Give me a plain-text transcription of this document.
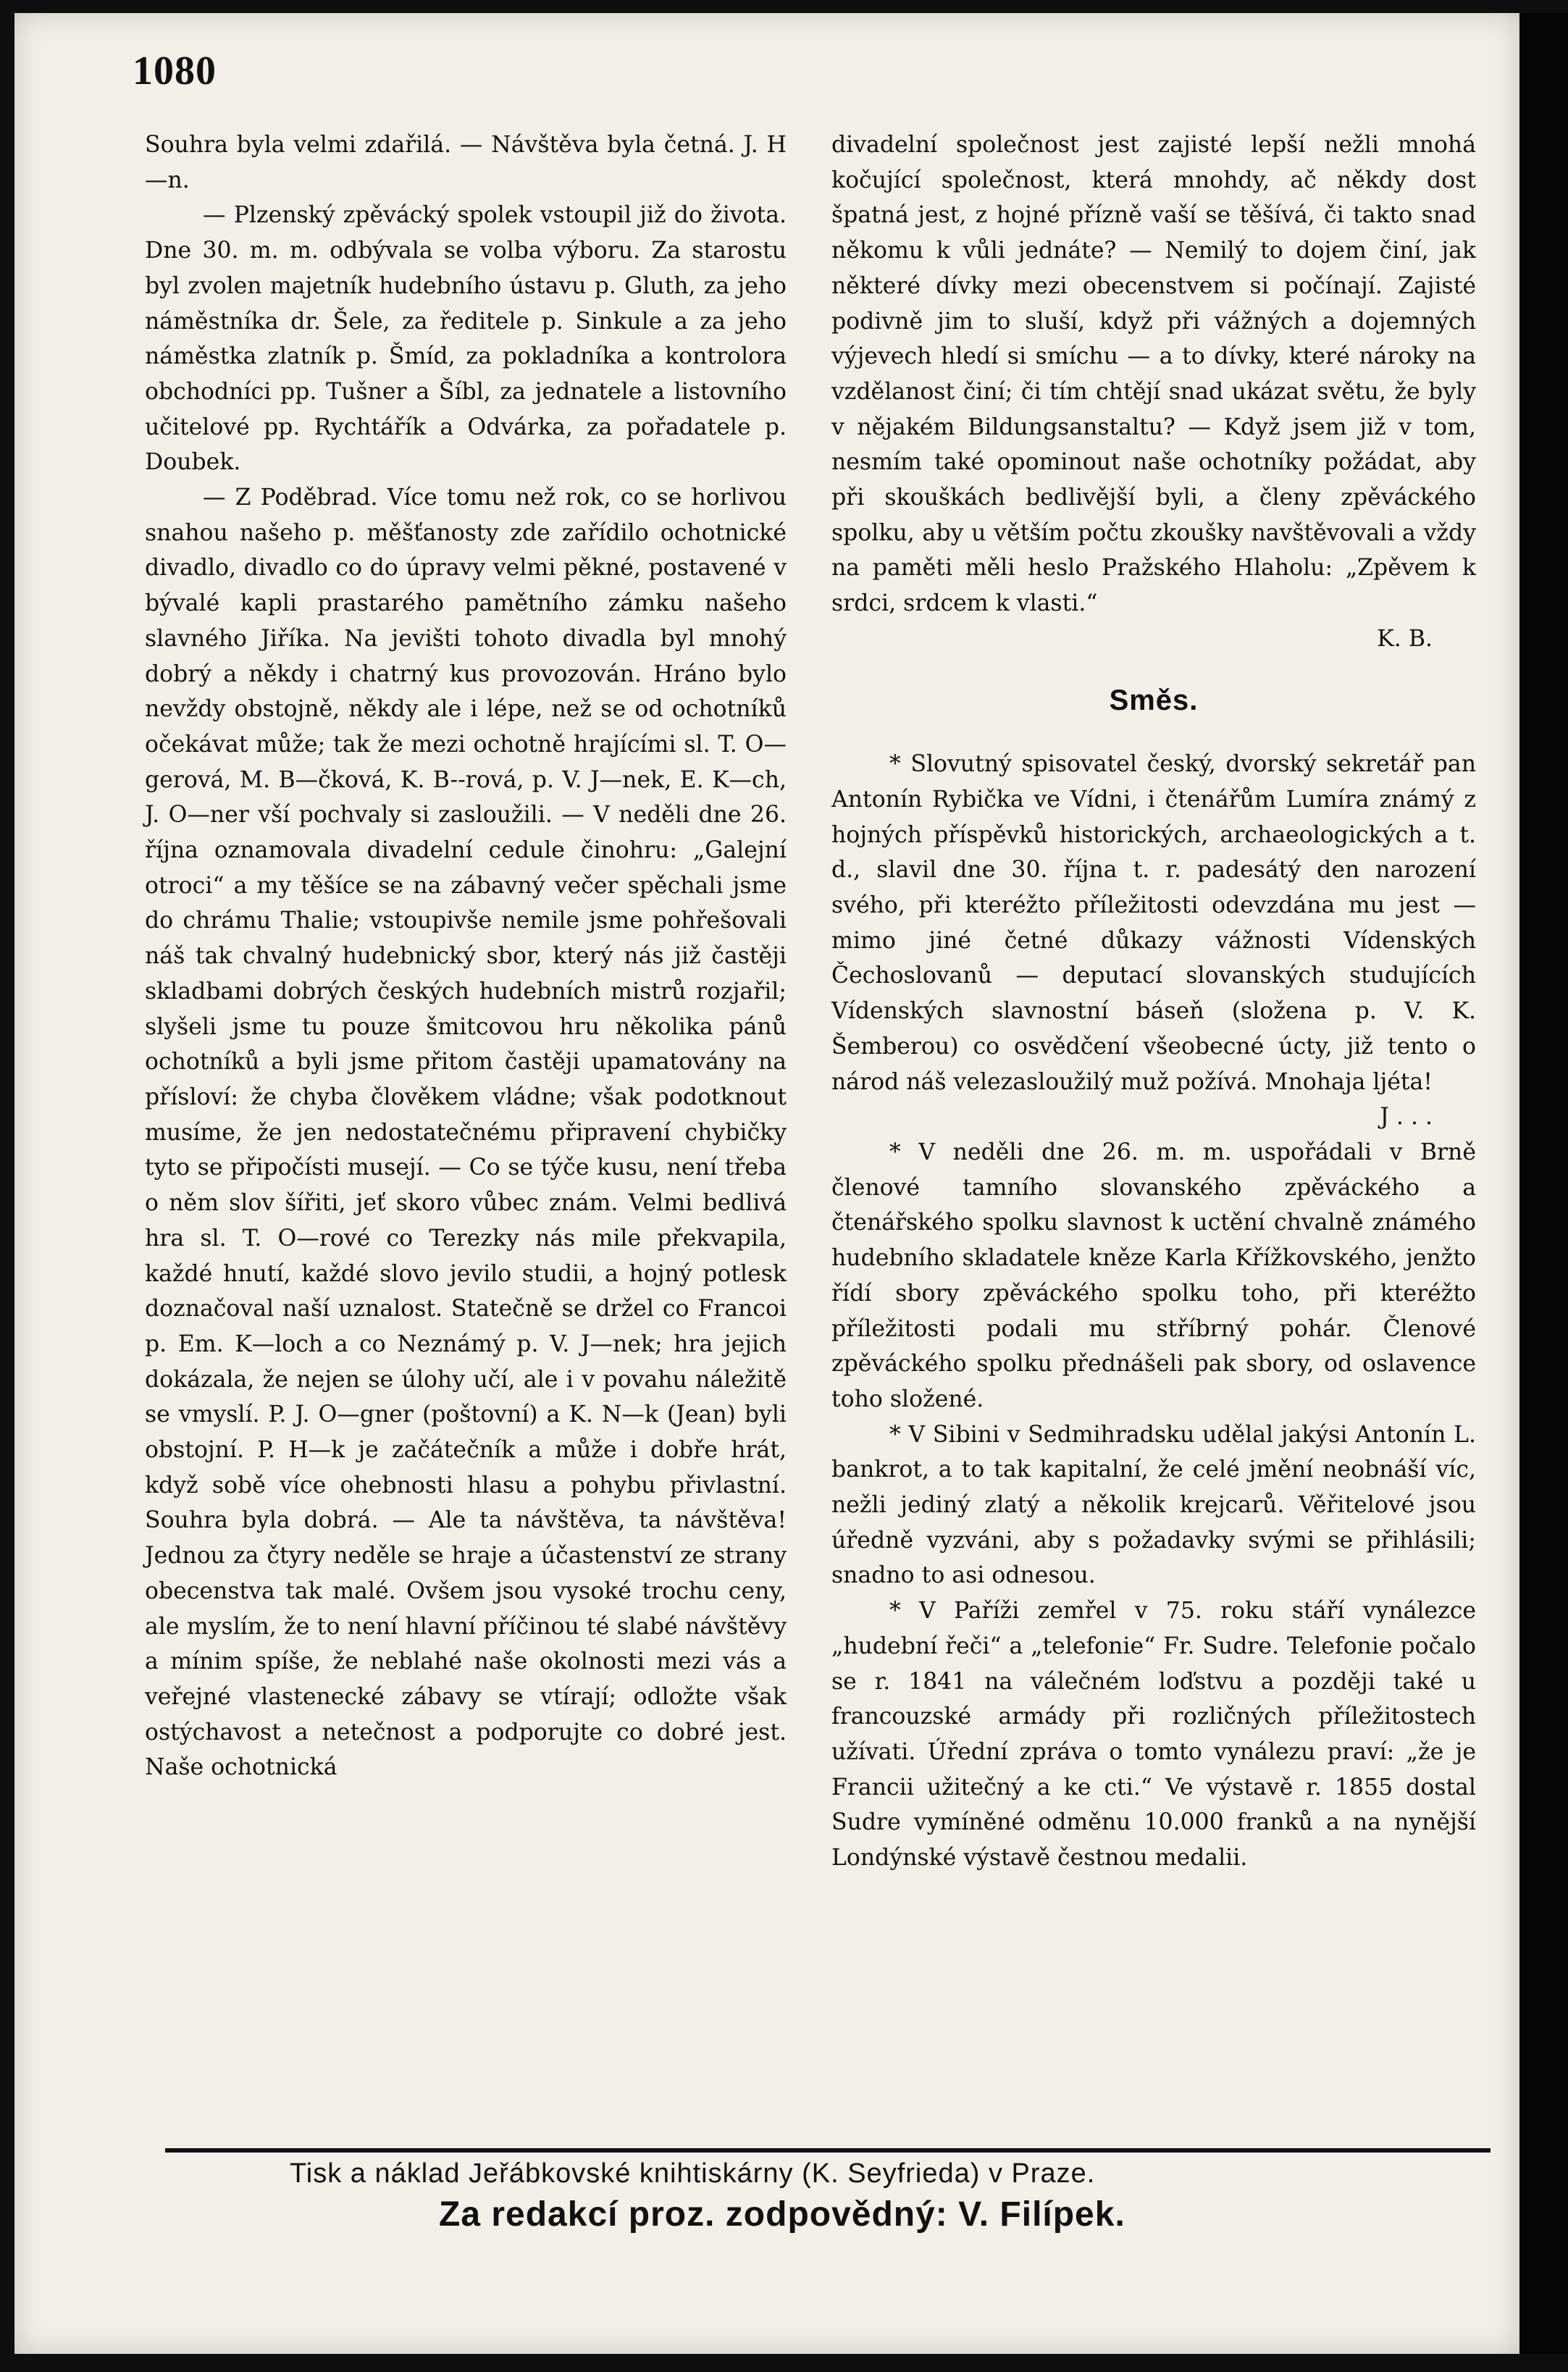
1080

Souhra byla velmi zdařilá. — Návštěva byla četná. J. H—n.

— Plzenský zpěvácký spolek vstoupil již do života. Dne 30. m. m. odbývala se volba výboru. Za starostu byl zvolen majetník hudebního ústavu p. Gluth, za jeho náměstníka dr. Šele, za ředitele p. Sinkule a za jeho náměstka zlatník p. Šmíd, za pokladníka a kontrolora obchodníci pp. Tušner a Šíbl, za jednatele a listovního učitelové pp. Rychtářík a Odvárka, za pořadatele p. Doubek.

— Z Poděbrad. Více tomu než rok, co se horlivou snahou našeho p. měšťanosty zde zařídilo ochotnické divadlo, divadlo co do úpravy velmi pěkné, postavené v bývalé kapli prastarého pamětního zámku našeho slavného Jiříka. Na jevišti tohoto divadla byl mnohý dobrý a někdy i chatrný kus provozován. Hráno bylo nevždy obstojně, někdy ale i lépe, než se od ochotníků očekávat může; tak že mezi ochotně hrajícími sl. T. O—gerová, M. B—čková, K. B--rová, p. V. J—nek, E. K—ch, J. O—ner vší pochvaly si zasloužili. — V neděli dne 26. října oznamovala divadelní cedule činohru: „Galejní otroci“ a my těšíce se na zábavný večer spěchali jsme do chrámu Thalie; vstoupivše nemile jsme pohřešovali náš tak chvalný hudebnický sbor, který nás již častěji skladbami dobrých českých hudebních mistrů rozjařil; slyšeli jsme tu pouze šmitcovou hru několika pánů ochotníků a byli jsme přitom častěji upamatovány na přísloví: že chyba člověkem vládne; však podotknout musíme, že jen nedostatečnému připravení chybičky tyto se připočísti musejí. — Co se týče kusu, není třeba o něm slov šířiti, jeť skoro vůbec znám. Velmi bedlivá hra sl. T. O—rové co Terezky nás mile překvapila, každé hnutí, každé slovo jevilo studii, a hojný potlesk doznačoval naší uznalost. Statečně se držel co Francoi p. Em. K—loch a co Neznámý p. V. J—nek; hra jejich dokázala, že nejen se úlohy učí, ale i v povahu náležitě se vmyslí. P. J. O—gner (poštovní) a K. N—k (Jean) byli obstojní. P. H—k je začátečník a může i dobře hrát, když sobě více ohebnosti hlasu a pohybu přivlastní. Souhra byla dobrá. — Ale ta návštěva, ta návštěva! Jednou za čtyry neděle se hraje a účastenství ze strany obecenstva tak malé. Ovšem jsou vysoké trochu ceny, ale myslím, že to není hlavní příčinou té slabé návštěvy a mínim spíše, že neblahé naše okolnosti mezi vás a veřejné vlastenecké zábavy se vtírají; odložte však ostýchavost a netečnost a podporujte co dobré jest. Naše ochotnická

divadelní společnost jest zajisté lepší nežli mnohá kočující společnost, která mnohdy, ač někdy dost špatná jest, z hojné přízně vaší se těšívá, či taktο snad někomu k vůli jednáte? — Nemilý to dojem činí, jak některé dívky mezi obecenstvem si počínají. Zajisté podivně jim to sluší, když při vážných a dojemných výjevech hledí si smíchu — a to dívky, které nároky na vzdělanost činí; či tím chtějí snad ukázat světu, že byly v nějakém Bildungsanstaltu? — Když jsem již v tom, nesmím také opominout naše ochotníky požádat, aby při skouškách bedlivější byli, a členy zpěváckého spolku, aby u větším počtu zkoušky navštěvovali a vždy na paměti měli heslo Pražského Hlaholu: „Zpěvem k srdci, srdcem k vlasti.“

K. B.

Směs.

* Slovutný spisovatel český, dvorský sekretář pan Antonín Rybička ve Vídni, i čtenářům Lumíra známý z hojných příspěvků historických, archaeologických a t. d., slavil dne 30. října t. r. padesátý den narození svého, při kteréžto příležitosti odevzdána mu jest — mimo jiné četné důkazy vážnosti Vídenských Čechoslovanů — deputací slovanských studujících Vídenských slavnostní báseň (složena p. V. K. Šemberou) co osvědčení všeobecné úcty, již tento o národ náš velezasloužilý muž požívá. Mnohaja ljéta!

J . . .

* V neděli dne 26. m. m. uspořádali v Brně členové tamního slovanského zpěváckého a čtenářského spolku slavnost k uctění chvalně známého hudebního skladatele kněze Karla Křížkovského, jenžto řídí sbory zpěváckého spolku toho, při kteréžto příležitosti podali mu stříbrný pohár. Členové zpěváckého spolku přednášeli pak sbory, od oslavence toho složené.

* V Sibini v Sedmihradsku udělal jakýsi Antonín L. bankrot, a to tak kapitalní, že celé jmění neobnáší víc, nežli jediný zlatý a několik krejcarů. Věřitelové jsou úředně vyzváni, aby s požadavky svými se přihlásili; snadno to asi odnesou.

* V Paříži zemřel v 75. roku stáří vynálezce „hudební řeči“ a „telefonie“ Fr. Sudre. Telefonie počalo se r. 1841 na válečném loďstvu a později také u francouzské armády při rozličných příležitostech užívati. Úřední zpráva o tomto vynálezu praví: „že je Francii užitečný a ke cti.“ Ve výstavě r. 1855 dostal Sudre vymíněné odměnu 10.000 franků a na nynější Londýnské výstavě čestnou medalii.

Tisk a náklad Jeřábkovské knihtiskárny (K. Seyfrieda) v Praze.
Za redakcí proz. zodpovědný: V. Filípek.
